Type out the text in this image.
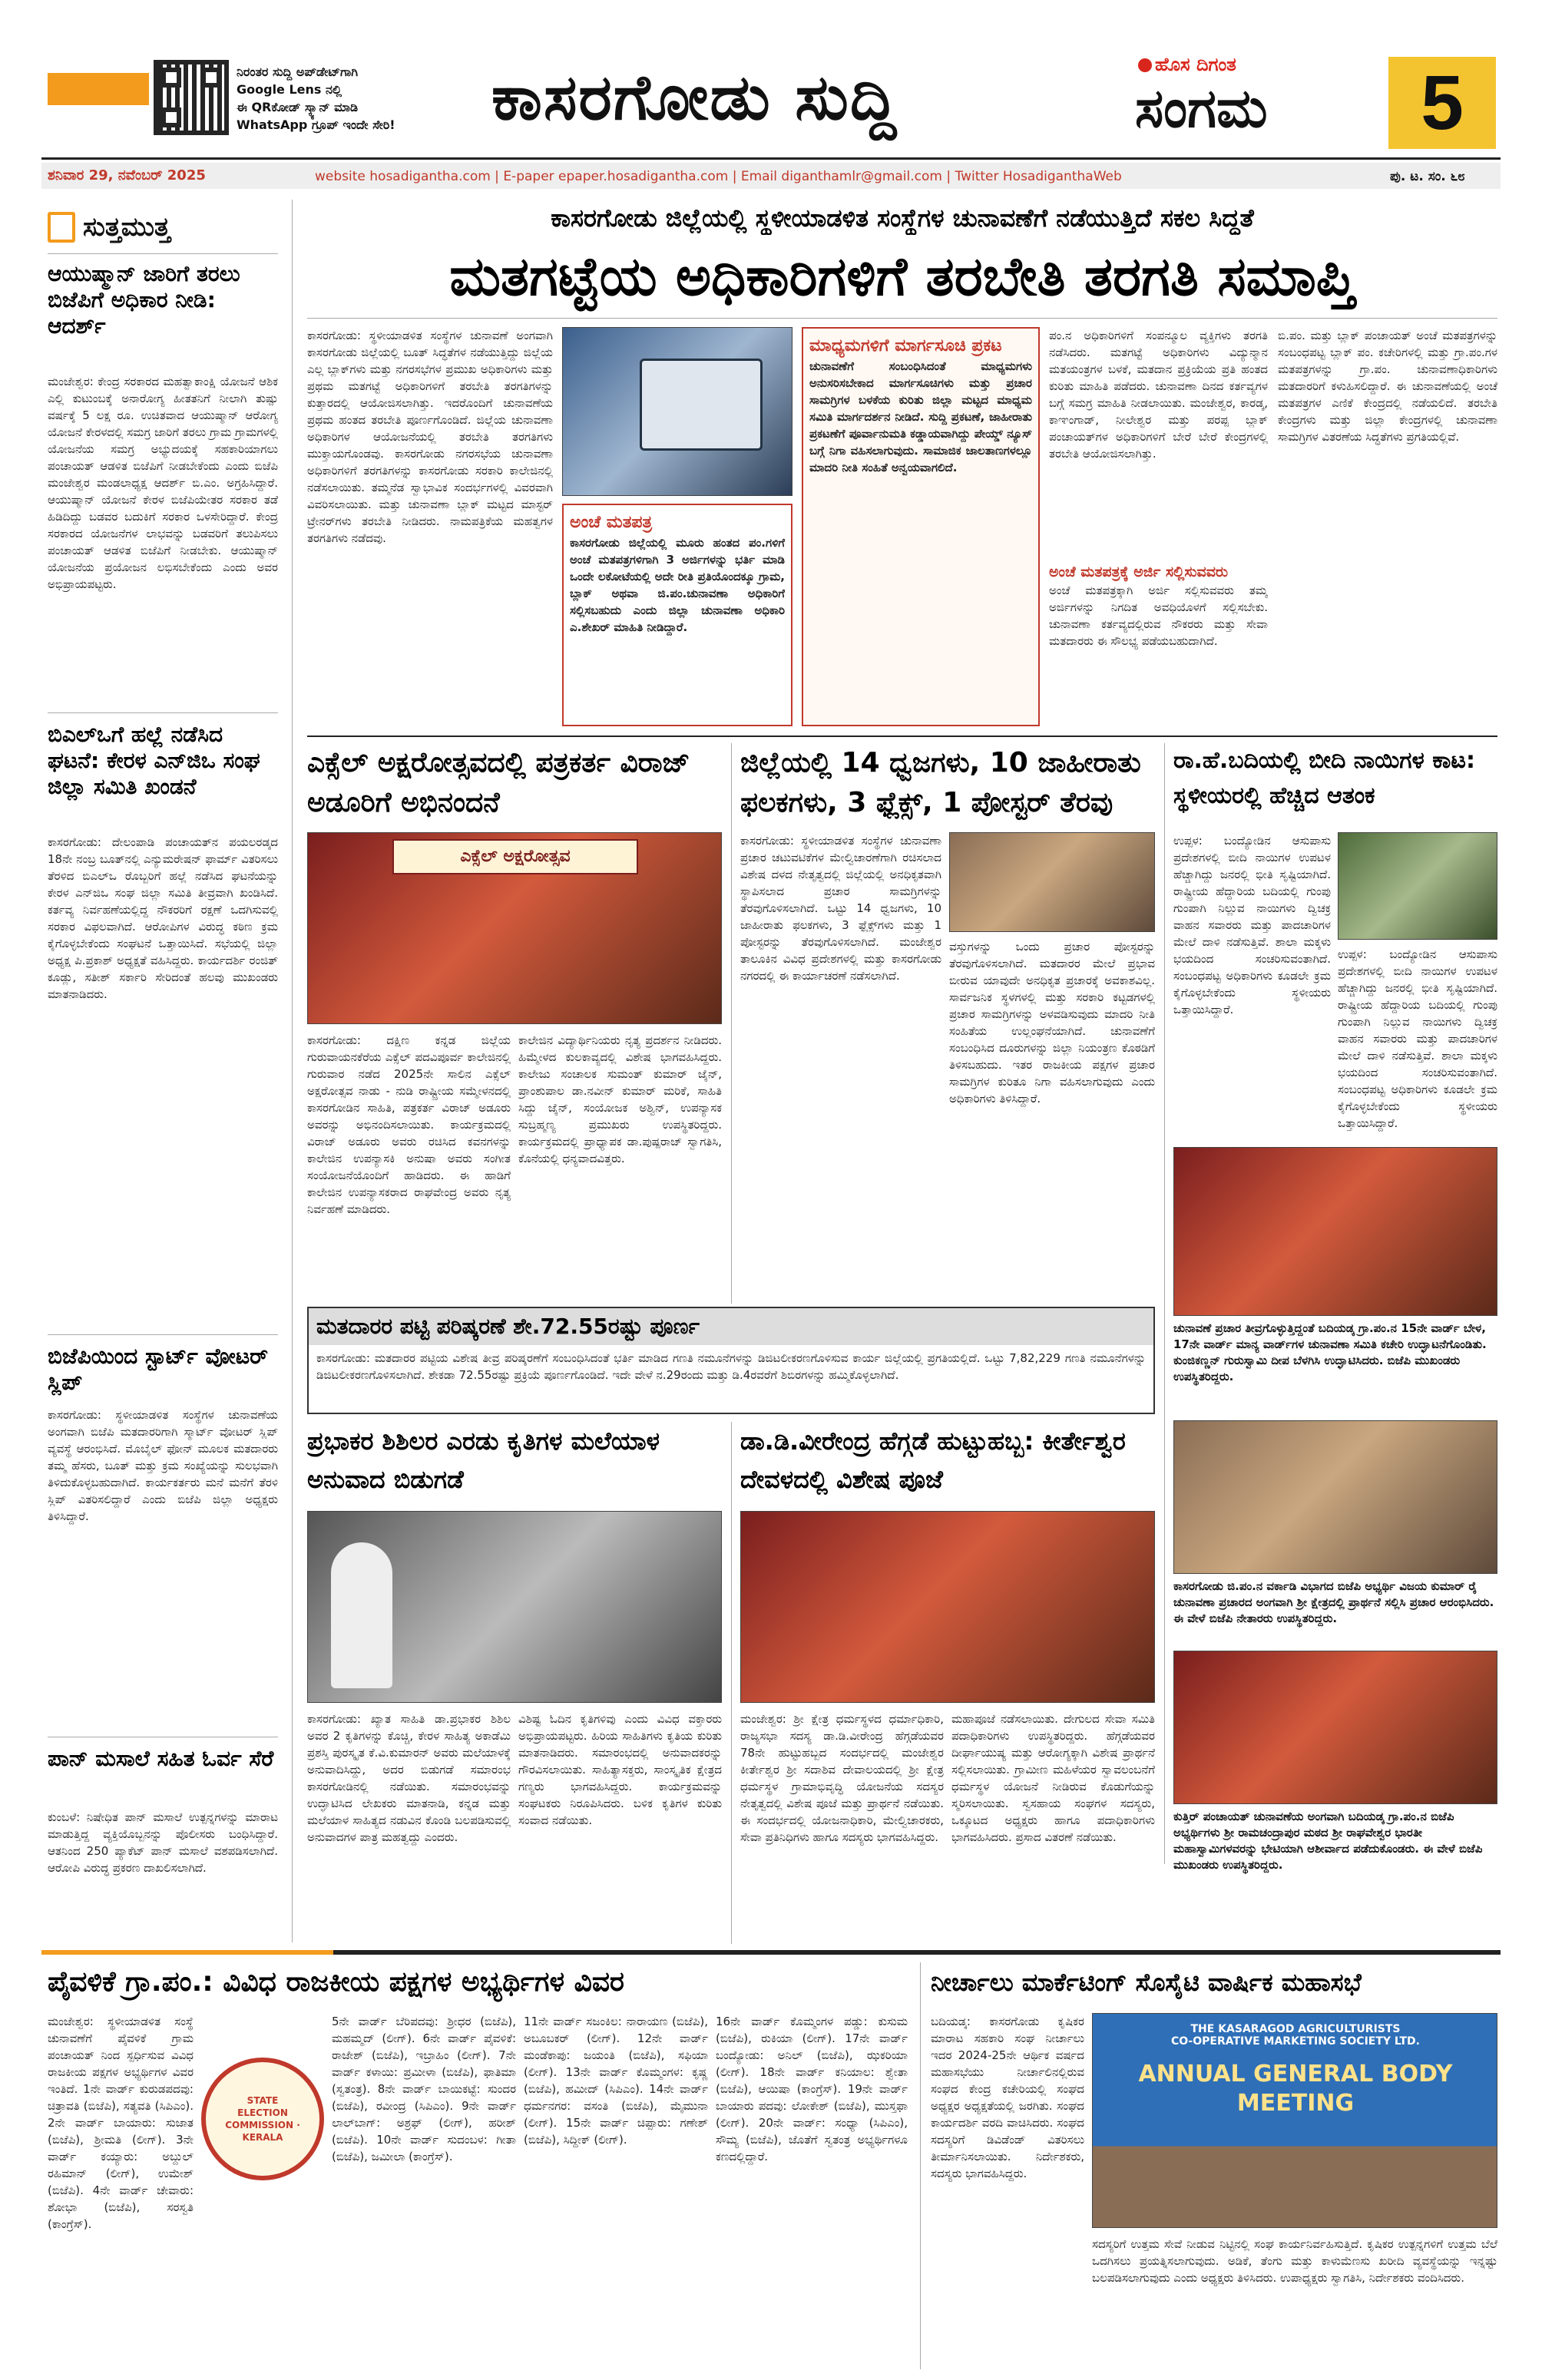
ನಿರಂತರ ಸುದ್ದಿ ಅಪ್‌ಡೇಟ್‌ಗಾಗಿ
Google Lens ನಲ್ಲಿ
ಈ QRಕೋಡ್ ಸ್ಕ್ಯಾನ್ ಮಾಡಿ
WhatsApp ಗ್ರೂಪ್ ಇಂದೇ ಸೇರಿ!	ಕಾಸರಗೋಡು ಸುದ್ದಿ	ಹೊಸ ದಿಗಂತ
ಸಂಗಮ 5
ಶನಿವಾರ 29, ನವೆಂಬರ್ 2025	website hosadigantha.com | E-paper epaper.hosadigantha.com | Email diganthamlr@gmail.com | Twitter HosadiganthaWeb	ಪು. ಟ. ಸಂ. ೬೮
ಸುತ್ತಮುತ್ತ
ಆಯುಷ್ಮಾನ್ ಜಾರಿಗೆ ತರಲು ಬಿಜೆಪಿಗೆ ಅಧಿಕಾರ ನೀಡಿ: ಆದರ್ಶ್
ಮಂಜೇಶ್ವರ: ಕೇಂದ್ರ ಸರಕಾರದ ಮಹತ್ವಾಕಾಂಕ್ಷಿ ಯೋಜನೆ ಆಶಿಕ ಎಲ್ಲಿ ಕುಟುಂಬಕ್ಕೆ ಅನಾರೋಗ್ಯ ಹೀತತನಿಗೆ ನೀಲಾಗಿ ತುಷ್ಪು ವರ್ಷಕ್ಕೆ 5 ಲಕ್ಷ ರೂ. ಉಚಿತವಾದ ಆಯುಷ್ಮಾನ್ ಆರೋಗ್ಯ ಯೋಜನೆ ಕೇರಳದಲ್ಲಿ ಸಮಗ್ರ ಜಾರಿಗೆ ತರಲು ಗ್ರಾಮ ಗ್ರಾಮಗಳಲ್ಲಿ ಯೋಜನೆಯ ಸಮಗ್ರ ಅಭ್ಯುದಯಕ್ಕೆ ಸಹಕಾರಿಯಾಗಲು ಪಂಚಾಯತ್ ಆಡಳಿತ ಬಿಜೆಪಿಗೆ ನೀಡಬೇಕೆಂದು ಎಂದು ಬಿಜೆಪಿ ಮಂಜೇಶ್ವರ ಮಂಡಲಾಧ್ಯಕ್ಷ ಆದರ್ಶ್ ಬಿ.ಎಂ. ಅಗ್ರಹಿಸಿದ್ದಾರೆ. ಆಯುಷ್ಮಾನ್ ಯೋಜನೆ ಕೇರಳ ಬಿಜೆಪಿಯೇತರ ಸರಕಾರ ತಡೆ ಹಿಡಿದಿದ್ದು ಬಡವರ ಬದುಕಿಗೆ ಸರಕಾರ ಒಳಸೇರಿದ್ದಾರೆ. ಕೇಂದ್ರ ಸರಕಾರದ ಯೋಜನೆಗಳ ಲಾಭವನ್ನು ಬಡವರಿಗೆ ತಲುಪಿಸಲು ಪಂಚಾಯತ್ ಆಡಳಿತ ಬಿಜೆಪಿಗೆ ನೀಡಬೇಕು. ಆಯುಷ್ಮಾನ್ ಯೋಜನೆಯ ಪ್ರಯೋಜನ ಲಭಿಸಬೇಕೆಂದು ಎಂದು ಅವರ ಅಭಿಪ್ರಾಯಪಟ್ಟರು.
ಬಿಎಲ್‌ಒಗೆ ಹಲ್ಲೆ ನಡೆಸಿದ ಘಟನೆ: ಕೇರಳ ಎನ್‌ಜಿಒ ಸಂಘ ಜಿಲ್ಲಾ ಸಮಿತಿ ಖಂಡನೆ
ಕಾಸರಗೋಡು: ದೇಲಂಪಾಡಿ ಪಂಚಾಯತ್‌ನ ಪಯಲರಡ್ಕದ 18ನೇ ನಂಬ್ರ ಬೂತ್‌ನಲ್ಲಿ ಎನ್ಯುಮರೇಷನ್ ಫಾರ್ಮ್ ವಿತರಿಸಲು ತೆರಳಿದ ಬಿಎಲ್‌ಒ ರೊಬ್ಬರಿಗೆ ಹಲ್ಲೆ ನಡೆಸಿದ ಘಟನೆಯನ್ನು ಕೇರಳ ಎನ್‌ಜಿಒ ಸಂಘ ಜಿಲ್ಲಾ ಸಮಿತಿ ತೀವ್ರವಾಗಿ ಖಂಡಿಸಿದೆ. ಕರ್ತವ್ಯ ನಿರ್ವಹಣೆಯಲ್ಲಿದ್ದ ನೌಕರರಿಗೆ ರಕ್ಷಣೆ ಒದಗಿಸುವಲ್ಲಿ ಸರಕಾರ ವಿಫಲವಾಗಿದೆ. ಆರೋಪಿಗಳ ವಿರುದ್ಧ ಕಠಿಣ ಕ್ರಮ ಕೈಗೊಳ್ಳಬೇಕೆಂದು ಸಂಘಟನೆ ಒತ್ತಾಯಿಸಿದೆ. ಸಭೆಯಲ್ಲಿ ಜಿಲ್ಲಾ ಅಧ್ಯಕ್ಷ ಪಿ.ಪ್ರಕಾಶ್ ಅಧ್ಯಕ್ಷತೆ ವಹಿಸಿದ್ದರು. ಕಾರ್ಯದರ್ಶಿ ರಂಜಿತ್ ಕೂಡ್ಲು, ಸತೀಶ್ ಸರ್ಕಾರಿ ಸೇರಿದಂತೆ ಹಲವು ಮುಖಂಡರು ಮಾತನಾಡಿದರು.
ಬಿಜೆಪಿಯಿಂದ ಸ್ಟಾರ್ಟ್ ವೋಟರ್‌ ಸ್ಲಿಪ್
ಕಾಸರಗೋಡು: ಸ್ಥಳೀಯಾಡಳಿತ ಸಂಸ್ಥೆಗಳ ಚುನಾವಣೆಯ ಅಂಗವಾಗಿ ಬಿಜೆಪಿ ಮತದಾರರಿಗಾಗಿ ಸ್ಮಾರ್ಟ್ ವೋಟರ್ ಸ್ಲಿಪ್ ವ್ಯವಸ್ಥೆ ಆರಂಭಿಸಿದೆ. ಮೊಬೈಲ್ ಫೋನ್ ಮೂಲಕ ಮತದಾರರು ತಮ್ಮ ಹೆಸರು, ಬೂತ್ ಮತ್ತು ಕ್ರಮ ಸಂಖ್ಯೆಯನ್ನು ಸುಲಭವಾಗಿ ತಿಳಿದುಕೊಳ್ಳಬಹುದಾಗಿದೆ. ಕಾರ್ಯಕರ್ತರು ಮನೆ ಮನೆಗೆ ತೆರಳಿ ಸ್ಲಿಪ್ ವಿತರಿಸಲಿದ್ದಾರೆ ಎಂದು ಬಿಜೆಪಿ ಜಿಲ್ಲಾ ಅಧ್ಯಕ್ಷರು ತಿಳಿಸಿದ್ದಾರೆ.
ಪಾನ್ ಮಸಾಲೆ ಸಹಿತ ಓರ್ವ ಸೆರೆ
ಕುಂಬಳೆ: ನಿಷೇಧಿತ ಪಾನ್ ಮಸಾಲೆ ಉತ್ಪನ್ನಗಳನ್ನು ಮಾರಾಟ ಮಾಡುತ್ತಿದ್ದ ವ್ಯಕ್ತಿಯೊಬ್ಬನನ್ನು ಪೊಲೀಸರು ಬಂಧಿಸಿದ್ದಾರೆ. ಆತನಿಂದ 250 ಪ್ಯಾಕೆಟ್ ಪಾನ್ ಮಸಾಲೆ ವಶಪಡಿಸಲಾಗಿದೆ. ಆರೋಪಿ ವಿರುದ್ಧ ಪ್ರಕರಣ ದಾಖಲಿಸಲಾಗಿದೆ.
ಕಾಸರಗೋಡು ಜಿಲ್ಲೆಯಲ್ಲಿ ಸ್ಥಳೀಯಾಡಳಿತ ಸಂಸ್ಥೆಗಳ ಚುನಾವಣೆಗೆ ನಡೆಯುತ್ತಿದೆ ಸಕಲ ಸಿದ್ಧತೆ
ಮತಗಟ್ಟೆಯ ಅಧಿಕಾರಿಗಳಿಗೆ ತರಬೇತಿ ತರಗತಿ ಸಮಾಪ್ತಿ
ಕಾಸರಗೋಡು: ಸ್ಥಳೀಯಾಡಳಿತ ಸಂಸ್ಥೆಗಳ ಚುನಾವಣೆ ಅಂಗವಾಗಿ ಕಾಸರಗೋಡು ಜಿಲ್ಲೆಯಲ್ಲಿ ಬೂತ್ ಸಿದ್ಧತೆಗಳ ನಡೆಯುತ್ತಿದ್ದು ಜಿಲ್ಲೆಯ ಎಲ್ಲ ಬ್ಲಾಕ್‌ಗಳು ಮತ್ತು ನಗರಸಭೆಗಳ ಪ್ರಮುಖ ಅಧಿಕಾರಿಗಳು ಮತ್ತು ಪ್ರಥಮ ಮತಗಟ್ಟೆ ಅಧಿಕಾರಿಗಳಿಗೆ ತರಬೇತಿ ತರಗತಿಗಳನ್ನು ಕುತ್ತಾರದಲ್ಲಿ ಆಯೋಜಿಸಲಾಗಿತ್ತು. ಇದರೊಂದಿಗೆ ಚುನಾವಣೆಯ ಪ್ರಥಮ ಹಂತದ ತರಬೇತಿ ಪೂರ್ಣಗೊಂಡಿದೆ. ಜಿಲ್ಲೆಯ ಚುನಾವಣಾ ಅಧಿಕಾರಿಗಳ ಆಯೋಜನೆಯಲ್ಲಿ ತರಬೇತಿ ತರಗತಿಗಳು ಮುಕ್ತಾಯಗೊಂಡವು. ಕಾಸರಗೋಡು ನಗರಸಭೆಯ ಚುನಾವಣಾ ಅಧಿಕಾರಿಗಳಿಗೆ ತರಗತಿಗಳನ್ನು ಕಾಸರಗೋಡು ಸರಕಾರಿ ಕಾಲೇಜಿನಲ್ಲಿ ನಡೆಸಲಾಯಿತು. ತಮ್ಮನೆಡ ಸ್ವಾಭಾವಿಕ ಸಂದರ್ಭಗಳಲ್ಲಿ ವಿವರವಾಗಿ ವಿವರಿಸಲಾಯಿತು. ಮತ್ತು ಚುನಾವಣಾ ಬ್ಲಾಕ್ ಮಟ್ಟದ ಮಾಸ್ಟರ್ ಟ್ರೇನರ್‌ಗಳು ತರಬೇತಿ ನೀಡಿದರು. ನಾಮಪತ್ರಿಕೆಯ ಮಹತ್ವಗಳ ತರಗತಿಗಳು ನಡೆದವು.
ಅಂಚೆ ಮತಪತ್ರ
ಕಾಸರಗೋಡು ಜಿಲ್ಲೆಯಲ್ಲಿ ಮೂರು ಹಂತದ ಪಂ.ಗಳಿಗೆ ಅಂಚೆ ಮತಪತ್ರಗಳಿಗಾಗಿ 3 ಅರ್ಜಿಗಳನ್ನು ಭರ್ತಿ ಮಾಡಿ ಒಂದೇ ಲಕೋಟೆಯಲ್ಲಿ ಅದೇ ರೀತಿ ಪ್ರತಿಯೊಂದಕ್ಕೂ ಗ್ರಾಮ, ಬ್ಲಾಕ್ ಅಥವಾ ಜಿ.ಪಂ.ಚುನಾವಣಾ ಅಧಿಕಾರಿಗೆ ಸಲ್ಲಿಸಬಹುದು ಎಂದು ಜಿಲ್ಲಾ ಚುನಾವಣಾ ಅಧಿಕಾರಿ ಎ.ಶೇಖರ್ ಮಾಹಿತಿ ನೀಡಿದ್ದಾರೆ.
ಮಾಧ್ಯಮಗಳಿಗೆ ಮಾರ್ಗಸೂಚಿ ಪ್ರಕಟ
ಚುನಾವಣೆಗೆ ಸಂಬಂಧಿಸಿದಂತೆ ಮಾಧ್ಯಮಗಳು ಅನುಸರಿಸಬೇಕಾದ ಮಾರ್ಗಸೂಚಿಗಳು ಮತ್ತು ಪ್ರಚಾರ ಸಾಮಗ್ರಿಗಳ ಬಳಕೆಯ ಕುರಿತು ಜಿಲ್ಲಾ ಮಟ್ಟದ ಮಾಧ್ಯಮ ಸಮಿತಿ ಮಾರ್ಗದರ್ಶನ ನೀಡಿದೆ. ಸುದ್ದಿ ಪ್ರಕಟಣೆ, ಜಾಹೀರಾತು ಪ್ರಕಟಣೆಗೆ ಪೂರ್ವಾನುಮತಿ ಕಡ್ಡಾಯವಾಗಿದ್ದು ಪೇಯ್ಡ್ ನ್ಯೂಸ್ ಬಗ್ಗೆ ನಿಗಾ ವಹಿಸಲಾಗುವುದು. ಸಾಮಾಜಿಕ ಜಾಲತಾಣಗಳಲ್ಲೂ ಮಾದರಿ ನೀತಿ ಸಂಹಿತೆ ಅನ್ವಯವಾಗಲಿದೆ.
ಪಂ.ನ ಅಧಿಕಾರಿಗಳಿಗೆ ಸಂಪನ್ಮೂಲ ವ್ಯಕ್ತಿಗಳು ತರಗತಿ ನಡೆಸಿದರು. ಮತಗಟ್ಟೆ ಅಧಿಕಾರಿಗಳು ವಿದ್ಯುನ್ಮಾನ ಮತಯಂತ್ರಗಳ ಬಳಕೆ, ಮತದಾನ ಪ್ರಕ್ರಿಯೆಯ ಪ್ರತಿ ಹಂತದ ಕುರಿತು ಮಾಹಿತಿ ಪಡೆದರು. ಚುನಾವಣಾ ದಿನದ ಕರ್ತವ್ಯಗಳ ಬಗ್ಗೆ ಸಮಗ್ರ ಮಾಹಿತಿ ನೀಡಲಾಯಿತು. ಮಂಜೇಶ್ವರ, ಕಾರಡ್ಕ, ಕಾಞಂಗಾಡ್, ನೀಲೇಶ್ವರ ಮತ್ತು ಪರಪ್ಪ ಬ್ಲಾಕ್ ಪಂಚಾಯತ್‌ಗಳ ಅಧಿಕಾರಿಗಳಿಗೆ ಬೇರೆ ಬೇರೆ ಕೇಂದ್ರಗಳಲ್ಲಿ ತರಬೇತಿ ಆಯೋಜಿಸಲಾಗಿತ್ತು.
ಅಂಚೆ ಮತಪತ್ರಕ್ಕೆ ಅರ್ಜಿ ಸಲ್ಲಿಸುವವರು
ಅಂಚೆ ಮತಪತ್ರಕ್ಕಾಗಿ ಅರ್ಜಿ ಸಲ್ಲಿಸುವವರು ತಮ್ಮ ಅರ್ಜಿಗಳನ್ನು ನಿಗದಿತ ಅವಧಿಯೊಳಗೆ ಸಲ್ಲಿಸಬೇಕು. ಚುನಾವಣಾ ಕರ್ತವ್ಯದಲ್ಲಿರುವ ನೌಕರರು ಮತ್ತು ಸೇವಾ ಮತದಾರರು ಈ ಸೌಲಭ್ಯ ಪಡೆಯಬಹುದಾಗಿದೆ.
ಬಿ.ಪಂ. ಮತ್ತು ಬ್ಲಾಕ್ ಪಂಚಾಯತ್ ಅಂಚೆ ಮತಪತ್ರಗಳನ್ನು ಸಂಬಂಧಪಟ್ಟ ಬ್ಲಾಕ್ ಪಂ. ಕಚೇರಿಗಳಲ್ಲಿ ಮತ್ತು ಗ್ರಾ.ಪಂ.ಗಳ ಮತಪತ್ರಗಳನ್ನು ಗ್ರಾ.ಪಂ. ಚುನಾವಣಾಧಿಕಾರಿಗಳು ಮತದಾರರಿಗೆ ಕಳುಹಿಸಲಿದ್ದಾರೆ. ಈ ಚುನಾವಣೆಯಲ್ಲಿ ಅಂಚೆ ಮತಪತ್ರಗಳ ಎಣಿಕೆ ಕೇಂದ್ರದಲ್ಲಿ ನಡೆಯಲಿದೆ. ತರಬೇತಿ ಕೇಂದ್ರಗಳು ಮತ್ತು ಜಿಲ್ಲಾ ಕೇಂದ್ರಗಳಲ್ಲಿ ಚುನಾವಣಾ ಸಾಮಗ್ರಿಗಳ ವಿತರಣೆಯ ಸಿದ್ಧತೆಗಳು ಪ್ರಗತಿಯಲ್ಲಿವೆ.
ಎಕ್ಸೆಲ್ ಅಕ್ಷರೋತ್ಸವದಲ್ಲಿ ಪತ್ರಕರ್ತ ವಿರಾಜ್ ಅಡೂರಿಗೆ ಅಭಿನಂದನೆ
ಎಕ್ಸೆಲ್ ಅಕ್ಷರೋತ್ಸವ
ಕಾಸರಗೋಡು: ದಕ್ಷಿಣ ಕನ್ನಡ ಜಿಲ್ಲೆಯ ಗುರುವಾಯನಕೆರೆಯ ಎಕ್ಸೆಲ್ ಪದವಿಪೂರ್ವ ಕಾಲೇಜಿನಲ್ಲಿ ಗುರುವಾರ ನಡೆದ 2025ನೇ ಸಾಲಿನ ಎಕ್ಸೆಲ್ ಅಕ್ಷರೋತ್ಸವ ನಾಡು - ನುಡಿ ರಾಷ್ಟ್ರೀಯ ಸಮ್ಮೇಳನದಲ್ಲಿ ಕಾಸರಗೋಡಿನ ಸಾಹಿತಿ, ಪತ್ರಕರ್ತ ವಿರಾಜ್ ಅಡೂರು ಅವರನ್ನು ಅಭಿನಂದಿಸಲಾಯಿತು. ಕಾರ್ಯಕ್ರಮದಲ್ಲಿ ವಿರಾಜ್ ಅಡೂರು ಅವರು ರಚಿಸಿದ ಕವನಗಳನ್ನು ಕಾಲೇಜಿನ ಉಪನ್ಯಾಸಕಿ ಅನುಷಾ ಅವರು ಸಂಗೀತ ಸಂಯೋಜನೆಯೊಂದಿಗೆ ಹಾಡಿದರು. ಈ ಹಾಡಿಗೆ ಕಾಲೇಜಿನ ಉಪನ್ಯಾಸಕರಾದ ರಾಘವೇಂದ್ರ ಅವರು ನೃತ್ಯ ನಿರ್ವಹಣೆ ಮಾಡಿದರು.
ಕಾಲೇಜಿನ ವಿದ್ಯಾರ್ಥಿನಿಯರು ನೃತ್ಯ ಪ್ರದರ್ಶನ ನೀಡಿದರು. ಹಿಮ್ಮೇಳದ ಕುಲಕಾವ್ಯದಲ್ಲಿ ವಿಶೇಷ ಭಾಗವಹಿಸಿದ್ದರು. ಕಾಲೇಜು ಸಂಚಾಲಕ ಸುಮಂತ್ ಕುಮಾರ್ ಜೈನ್, ಪ್ರಾಂಶುಪಾಲ ಡಾ.ನವೀನ್ ಕುಮಾರ್ ಮರಿಕೆ, ಸಾಹಿತಿ ಸಿದ್ದು ಜೈನ್, ಸಂಯೋಜಕ ಅಶ್ವಿನ್, ಉಪನ್ಯಾಸಕ ಸುಬ್ರಹ್ಮಣ್ಯ ಪ್ರಮುಖರು ಉಪಸ್ಥಿತರಿದ್ದರು. ಕಾರ್ಯಕ್ರಮದಲ್ಲಿ ಪ್ರಾಧ್ಯಾಪಕ ಡಾ.ಪುಷ್ಪರಾಜ್ ಸ್ವಾಗತಿಸಿ, ಕೊನೆಯಲ್ಲಿ ಧನ್ಯವಾದವಿತ್ತರು.
ಜಿಲ್ಲೆಯಲ್ಲಿ 14 ಧ್ವಜಗಳು, 10 ಜಾಹೀರಾತು ಫಲಕಗಳು, 3 ಫ್ಲೆಕ್ಸ್, 1 ಪೋಸ್ಟರ್ ತೆರವು
ಕಾಸರಗೋಡು: ಸ್ಥಳೀಯಾಡಳಿತ ಸಂಸ್ಥೆಗಳ ಚುನಾವಣಾ ಪ್ರಚಾರ ಚಟುವಟಿಕೆಗಳ ಮೇಲ್ವಿಚಾರಣೆಗಾಗಿ ರಚಿಸಲಾದ ವಿಶೇಷ ದಳದ ನೇತೃತ್ವದಲ್ಲಿ ಜಿಲ್ಲೆಯಲ್ಲಿ ಅನಧಿಕೃತವಾಗಿ ಸ್ಥಾಪಿಸಲಾದ ಪ್ರಚಾರ ಸಾಮಗ್ರಿಗಳನ್ನು ತೆರವುಗೊಳಿಸಲಾಗಿದೆ. ಒಟ್ಟು 14 ಧ್ವಜಗಳು, 10 ಜಾಹೀರಾತು ಫಲಕಗಳು, 3 ಫ್ಲೆಕ್ಸ್‌ಗಳು ಮತ್ತು 1 ಪೋಸ್ಟರನ್ನು ತೆರವುಗೊಳಿಸಲಾಗಿದೆ. ಮಂಜೇಶ್ವರ ತಾಲೂಕಿನ ವಿವಿಧ ಪ್ರದೇಶಗಳಲ್ಲಿ ಮತ್ತು ಕಾಸರಗೋಡು ನಗರದಲ್ಲಿ ಈ ಕಾರ್ಯಾಚರಣೆ ನಡೆಸಲಾಗಿದೆ.
ವಸ್ತುಗಳನ್ನು ಒಂದು ಪ್ರಚಾರ ಪೋಸ್ಟರನ್ನು ತೆರವುಗೊಳಿಸಲಾಗಿದೆ. ಮತದಾರರ ಮೇಲೆ ಪ್ರಭಾವ ಬೀರುವ ಯಾವುದೇ ಅನಧಿಕೃತ ಪ್ರಚಾರಕ್ಕೆ ಅವಕಾಶವಿಲ್ಲ. ಸಾರ್ವಜನಿಕ ಸ್ಥಳಗಳಲ್ಲಿ ಮತ್ತು ಸರಕಾರಿ ಕಟ್ಟಡಗಳಲ್ಲಿ ಪ್ರಚಾರ ಸಾಮಗ್ರಿಗಳನ್ನು ಅಳವಡಿಸುವುದು ಮಾದರಿ ನೀತಿ ಸಂಹಿತೆಯ ಉಲ್ಲಂಘನೆಯಾಗಿದೆ. ಚುನಾವಣೆಗೆ ಸಂಬಂಧಿಸಿದ ದೂರುಗಳನ್ನು ಜಿಲ್ಲಾ ನಿಯಂತ್ರಣ ಕೊಠಡಿಗೆ ತಿಳಿಸಬಹುದು. ಇತರ ರಾಜಕೀಯ ಪಕ್ಷಗಳ ಪ್ರಚಾರ ಸಾಮಗ್ರಿಗಳ ಕುರಿತೂ ನಿಗಾ ವಹಿಸಲಾಗುವುದು ಎಂದು ಅಧಿಕಾರಿಗಳು ತಿಳಿಸಿದ್ದಾರೆ.
ರಾ.ಹೆ.ಬದಿಯಲ್ಲಿ ಬೀದಿ ನಾಯಿಗಳ ಕಾಟ: ಸ್ಥಳೀಯರಲ್ಲಿ ಹೆಚ್ಚಿದ ಆತಂಕ
ಉಪ್ಪಳ: ಬಂದ್ಯೋಡಿನ ಆಸುಪಾಸು ಪ್ರದೇಶಗಳಲ್ಲಿ ಬೀದಿ ನಾಯಿಗಳ ಉಪಟಳ ಹೆಚ್ಚಾಗಿದ್ದು ಜನರಲ್ಲಿ ಭೀತಿ ಸೃಷ್ಟಿಯಾಗಿದೆ. ರಾಷ್ಟ್ರೀಯ ಹೆದ್ದಾರಿಯ ಬದಿಯಲ್ಲಿ ಗುಂಪು ಗುಂಪಾಗಿ ನಿಲ್ಲುವ ನಾಯಿಗಳು ದ್ವಿಚಕ್ರ ವಾಹನ ಸವಾರರು ಮತ್ತು ಪಾದಚಾರಿಗಳ ಮೇಲೆ ದಾಳಿ ನಡೆಸುತ್ತಿವೆ. ಶಾಲಾ ಮಕ್ಕಳು ಭಯದಿಂದ ಸಂಚರಿಸುವಂತಾಗಿದೆ. ಸಂಬಂಧಪಟ್ಟ ಅಧಿಕಾರಿಗಳು ಕೂಡಲೇ ಕ್ರಮ ಕೈಗೊಳ್ಳಬೇಕೆಂದು ಸ್ಥಳೀಯರು ಒತ್ತಾಯಿಸಿದ್ದಾರೆ.
ಉಪ್ಪಳ: ಬಂದ್ಯೋಡಿನ ಆಸುಪಾಸು ಪ್ರದೇಶಗಳಲ್ಲಿ ಬೀದಿ ನಾಯಿಗಳ ಉಪಟಳ ಹೆಚ್ಚಾಗಿದ್ದು ಜನರಲ್ಲಿ ಭೀತಿ ಸೃಷ್ಟಿಯಾಗಿದೆ. ರಾಷ್ಟ್ರೀಯ ಹೆದ್ದಾರಿಯ ಬದಿಯಲ್ಲಿ ಗುಂಪು ಗುಂಪಾಗಿ ನಿಲ್ಲುವ ನಾಯಿಗಳು ದ್ವಿಚಕ್ರ ವಾಹನ ಸವಾರರು ಮತ್ತು ಪಾದಚಾರಿಗಳ ಮೇಲೆ ದಾಳಿ ನಡೆಸುತ್ತಿವೆ. ಶಾಲಾ ಮಕ್ಕಳು ಭಯದಿಂದ ಸಂಚರಿಸುವಂತಾಗಿದೆ. ಸಂಬಂಧಪಟ್ಟ ಅಧಿಕಾರಿಗಳು ಕೂಡಲೇ ಕ್ರಮ ಕೈಗೊಳ್ಳಬೇಕೆಂದು ಸ್ಥಳೀಯರು ಒತ್ತಾಯಿಸಿದ್ದಾರೆ.
ಮತದಾರರ ಪಟ್ಟಿ ಪರಿಷ್ಕರಣೆ ಶೇ.72.55ರಷ್ಟು ಪೂರ್ಣ
ಕಾಸರಗೋಡು: ಮತದಾರರ ಪಟ್ಟಿಯ ವಿಶೇಷ ತೀವ್ರ ಪರಿಷ್ಕರಣೆಗೆ ಸಂಬಂಧಿಸಿದಂತೆ ಭರ್ತಿ ಮಾಡಿದ ಗಣತಿ ನಮೂನೆಗಳನ್ನು ಡಿಜಿಟಲೀಕರಣಗೊಳಿಸುವ ಕಾರ್ಯ ಜಿಲ್ಲೆಯಲ್ಲಿ ಪ್ರಗತಿಯಲ್ಲಿದೆ. ಒಟ್ಟು 7,82,229 ಗಣತಿ ನಮೂನೆಗಳನ್ನು ಡಿಜಿಟಲೀಕರಣಗೊಳಿಸಲಾಗಿದೆ. ಶೇಕಡಾ 72.55ರಷ್ಟು ಪ್ರಕ್ರಿಯೆ ಪೂರ್ಣಗೊಂಡಿದೆ. ಇದೇ ವೇಳೆ ನ.29ರಂದು ಮತ್ತು ಡಿ.4ರವರೆಗೆ ಶಿಬಿರಗಳನ್ನು ಹಮ್ಮಿಕೊಳ್ಳಲಾಗಿದೆ.
ಡಾ.ಡಿ.ವೀರೇಂದ್ರ ಹೆಗ್ಗಡೆ ಹುಟ್ಟುಹಬ್ಬ: ಕೀರ್ತೇಶ್ವರ ದೇವಳದಲ್ಲಿ ವಿಶೇಷ ಪೂಜೆ
ಮಂಜೇಶ್ವರ: ಶ್ರೀ ಕ್ಷೇತ್ರ ಧರ್ಮಸ್ಥಳದ ಧರ್ಮಾಧಿಕಾರಿ, ರಾಜ್ಯಸಭಾ ಸದಸ್ಯ ಡಾ.ಡಿ.ವೀರೇಂದ್ರ ಹೆಗ್ಗಡೆಯವರ 78ನೇ ಹುಟ್ಟುಹಬ್ಬದ ಸಂದರ್ಭದಲ್ಲಿ ಮಂಜೇಶ್ವರ ಕೀರ್ತೇಶ್ವರ ಶ್ರೀ ಸದಾಶಿವ ದೇವಾಲಯದಲ್ಲಿ ಶ್ರೀ ಕ್ಷೇತ್ರ ಧರ್ಮಸ್ಥಳ ಗ್ರಾಮಾಭಿವೃದ್ಧಿ ಯೋಜನೆಯ ಸದಸ್ಯರ ನೇತೃತ್ವದಲ್ಲಿ ವಿಶೇಷ ಪೂಜೆ ಮತ್ತು ಪ್ರಾರ್ಥನೆ ನಡೆಯಿತು. ಈ ಸಂದರ್ಭದಲ್ಲಿ ಯೋಜನಾಧಿಕಾರಿ, ಮೇಲ್ವಿಚಾರಕರು, ಸೇವಾ ಪ್ರತಿನಿಧಿಗಳು ಹಾಗೂ ಸದಸ್ಯರು ಭಾಗವಹಿಸಿದ್ದರು.
ಮಹಾಪೂಜೆ ನಡೆಸಲಾಯಿತು. ದೇಗುಲದ ಸೇವಾ ಸಮಿತಿ ಪದಾಧಿಕಾರಿಗಳು ಉಪಸ್ಥಿತರಿದ್ದರು. ಹೆಗ್ಗಡೆಯವರ ದೀರ್ಘಾಯುಷ್ಯ ಮತ್ತು ಆರೋಗ್ಯಕ್ಕಾಗಿ ವಿಶೇಷ ಪ್ರಾರ್ಥನೆ ಸಲ್ಲಿಸಲಾಯಿತು. ಗ್ರಾಮೀಣ ಮಹಿಳೆಯರ ಸ್ವಾವಲಂಬನೆಗೆ ಧರ್ಮಸ್ಥಳ ಯೋಜನೆ ನೀಡಿರುವ ಕೊಡುಗೆಯನ್ನು ಸ್ಮರಿಸಲಾಯಿತು. ಸ್ವಸಹಾಯ ಸಂಘಗಳ ಸದಸ್ಯರು, ಒಕ್ಕೂಟದ ಅಧ್ಯಕ್ಷರು ಹಾಗೂ ಪದಾಧಿಕಾರಿಗಳು ಭಾಗವಹಿಸಿದರು. ಪ್ರಸಾದ ವಿತರಣೆ ನಡೆಯಿತು.
ಪ್ರಭಾಕರ ಶಿಶಿಲರ ಎರಡು ಕೃತಿಗಳ ಮಲೆಯಾಳ ಅನುವಾದ ಬಿಡುಗಡೆ
ಕಾಸರಗೋಡು: ಖ್ಯಾತ ಸಾಹಿತಿ ಡಾ.ಪ್ರಭಾಕರ ಶಿಶಿಲ ಅವರ 2 ಕೃತಿಗಳನ್ನು ಕೊಚ್ಚಿ, ಕೇರಳ ಸಾಹಿತ್ಯ ಅಕಾಡೆಮಿ ಪ್ರಶಸ್ತಿ ಪುರಸ್ಕೃತ ಕೆ.ವಿ.ಕುಮಾರನ್ ಅವರು ಮಲೆಯಾಳಕ್ಕೆ ಅನುವಾದಿಸಿದ್ದು, ಅದರ ಬಿಡುಗಡೆ ಸಮಾರಂಭ ಕಾಸರಗೋಡಿನಲ್ಲಿ ನಡೆಯಿತು. ಸಮಾರಂಭವನ್ನು ಉದ್ಘಾಟಿಸಿದ ಲೇಖಕರು ಮಾತನಾಡಿ, ಕನ್ನಡ ಮತ್ತು ಮಲೆಯಾಳ ಸಾಹಿತ್ಯದ ನಡುವಿನ ಕೊಂಡಿ ಬಲಪಡಿಸುವಲ್ಲಿ ಅನುವಾದಗಳ ಪಾತ್ರ ಮಹತ್ವದ್ದು ಎಂದರು.
ವಿಶಿಷ್ಟ ಓದಿನ ಕೃತಿಗಳಿವು ಎಂದು ವಿವಿಧ ವಕ್ತಾರರು ಅಭಿಪ್ರಾಯಪಟ್ಟರು. ಹಿರಿಯ ಸಾಹಿತಿಗಳು ಕೃತಿಯ ಕುರಿತು ಮಾತನಾಡಿದರು. ಸಮಾರಂಭದಲ್ಲಿ ಅನುವಾದಕರನ್ನು ಗೌರವಿಸಲಾಯಿತು. ಸಾಹಿತ್ಯಾಸಕ್ತರು, ಸಾಂಸ್ಕೃತಿಕ ಕ್ಷೇತ್ರದ ಗಣ್ಯರು ಭಾಗವಹಿಸಿದ್ದರು. ಕಾರ್ಯಕ್ರಮವನ್ನು ಸಂಘಟಕರು ನಿರೂಪಿಸಿದರು. ಬಳಿಕ ಕೃತಿಗಳ ಕುರಿತು ಸಂವಾದ ನಡೆಯಿತು.
ಚುನಾವಣೆ ಪ್ರಚಾರ ತೀವ್ರಗೊಳ್ಳುತ್ತಿದ್ದಂತೆ ಬದಿಯಡ್ಕ ಗ್ರಾ.ಪಂ.ನ 15ನೇ ವಾರ್ಡ್ ಬೇಳ, 17ನೇ ವಾರ್ಡ್ ಮಾನ್ಯ ವಾರ್ಡ್‌ಗಳ ಚುನಾವಣಾ ಸಮಿತಿ ಕಚೇರಿ ಉದ್ಘಾಟನೆಗೊಂಡಿತು. ಕುಂಜಿಕಣ್ಣನ್ ಗುರುಸ್ವಾಮಿ ದೀಪ ಬೆಳಗಿಸಿ ಉದ್ಘಾಟಿಸಿದರು. ಬಿಜೆಪಿ ಮುಖಂಡರು ಉಪಸ್ಥಿತರಿದ್ದರು.
ಕಾಸರಗೋಡು ಜಿ.ಪಂ.ನ ವರ್ಕಾಡಿ ವಿಭಾಗದ ಬಿಜೆಪಿ ಅಭ್ಯರ್ಥಿ ವಿಜಯ ಕುಮಾರ್ ರೈ ಚುನಾವಣಾ ಪ್ರಚಾರದ ಅಂಗವಾಗಿ ಶ್ರೀ ಕ್ಷೇತ್ರದಲ್ಲಿ ಪ್ರಾರ್ಥನೆ ಸಲ್ಲಿಸಿ ಪ್ರಚಾರ ಆರಂಭಿಸಿದರು. ಈ ವೇಳೆ ಬಿಜೆಪಿ ನೇತಾರರು ಉಪಸ್ಥಿತರಿದ್ದರು.
ಕುತ್ತಿರ್ ಪಂಚಾಯತ್ ಚುನಾವಣೆಯ ಅಂಗವಾಗಿ ಬದಿಯಡ್ಕ ಗ್ರಾ.ಪಂ.ನ ಬಿಜೆಪಿ ಅಭ್ಯರ್ಥಿಗಳು ಶ್ರೀ ರಾಮಚಂದ್ರಾಪುರ ಮಠದ ಶ್ರೀ ರಾಘವೇಶ್ವರ ಭಾರತೀ ಮಹಾಸ್ವಾಮಿಗಳವರನ್ನು ಭೇಟಿಯಾಗಿ ಆಶೀರ್ವಾದ ಪಡೆದುಕೊಂಡರು. ಈ ವೇಳೆ ಬಿಜೆಪಿ ಮುಖಂಡರು ಉಪಸ್ಥಿತರಿದ್ದರು.
ಪೈವಳಿಕೆ ಗ್ರಾ.ಪಂ.: ವಿವಿಧ ರಾಜಕೀಯ ಪಕ್ಷಗಳ ಅಭ್ಯರ್ಥಿಗಳ ವಿವರ
ಮಂಜೇಶ್ವರ: ಸ್ಥಳೀಯಾಡಳಿತ ಸಂಸ್ಥೆ ಚುನಾವಣೆಗೆ ಪೈವಳಿಕೆ ಗ್ರಾಮ ಪಂಚಾಯತ್ ನಿಂದ ಸ್ಪರ್ಧಿಸುವ ವಿವಿಧ ರಾಜಕೀಯ ಪಕ್ಷಗಳ ಅಭ್ಯರ್ಥಿಗಳ ವಿವರ ಇಂತಿದೆ. 1ನೇ ವಾರ್ಡ್ ಕುರುಡಪದವು: ಚಿತ್ರಾವತಿ (ಬಿಜೆಪಿ), ಸತ್ಯವತಿ (ಸಿಪಿಎಂ). 2ನೇ ವಾರ್ಡ್ ಬಾಯಾರು: ಸುಜಾತ (ಬಿಜೆಪಿ), ಶ್ರೀಮತಿ (ಲೀಗ್). 3ನೇ ವಾರ್ಡ್ ಕಯ್ಯಾರು: ಅಬ್ದುಲ್ ರಹಿಮಾನ್ (ಲೀಗ್), ಉಮೇಶ್ (ಬಿಜೆಪಿ). 4ನೇ ವಾರ್ಡ್ ಚೇವಾರು: ಶೋಭಾ (ಬಿಜೆಪಿ), ಸರಸ್ವತಿ (ಕಾಂಗ್ರೆಸ್).
STATE ELECTION COMMISSION · KERALA
5ನೇ ವಾರ್ಡ್ ಬೆರಿಪದವು: ಶ್ರೀಧರ (ಬಿಜೆಪಿ), ಮಹಮ್ಮದ್ (ಲೀಗ್). 6ನೇ ವಾರ್ಡ್ ಪೈವಳಿಕೆ: ರಾಜೇಶ್ (ಬಿಜೆಪಿ), ಇಬ್ರಾಹಿಂ (ಲೀಗ್). 7ನೇ ವಾರ್ಡ್ ಕಳಾಯಿ: ಪ್ರಮೀಳಾ (ಬಿಜೆಪಿ), ಫಾತಿಮಾ (ಸ್ವತಂತ್ರ). 8ನೇ ವಾರ್ಡ್ ಬಾಯಿಕಟ್ಟೆ: ಸುಂದರ (ಬಿಜೆಪಿ), ರವೀಂದ್ರ (ಸಿಪಿಎಂ). 9ನೇ ವಾರ್ಡ್ ಲಾಲ್‌ಬಾಗ್: ಅಶ್ರಫ್ (ಲೀಗ್), ಹರೀಶ್ (ಬಿಜೆಪಿ). 10ನೇ ವಾರ್ಡ್ ಸುದಂಬಳ: ಗೀತಾ (ಬಿಜೆಪಿ), ಜಮೀಲಾ (ಕಾಂಗ್ರೆಸ್).
11ನೇ ವಾರ್ಡ್ ಸಜಂಕಿಲ: ನಾರಾಯಣ (ಬಿಜೆಪಿ), ಅಬೂಬಕರ್ (ಲೀಗ್). 12ನೇ ವಾರ್ಡ್ ಮಂಡೆಕಾಪು: ಜಯಂತಿ (ಬಿಜೆಪಿ), ಸಫಿಯಾ (ಲೀಗ್). 13ನೇ ವಾರ್ಡ್ ಕೊಮ್ಮಂಗಳ: ಕೃಷ್ಣ (ಬಿಜೆಪಿ), ಹಮೀದ್ (ಸಿಪಿಎಂ). 14ನೇ ವಾರ್ಡ್ ಧರ್ಮನಗರ: ವಸಂತಿ (ಬಿಜೆಪಿ), ಮೈಮುನಾ (ಲೀಗ್). 15ನೇ ವಾರ್ಡ್ ಚಿಪ್ಪಾರು: ಗಣೇಶ್ (ಬಿಜೆಪಿ), ಸಿದ್ದೀಕ್ (ಲೀಗ್).
16ನೇ ವಾರ್ಡ್ ಕೊಮ್ಮಂಗಳ ಪಡ್ಡು: ಕುಸುಮ (ಬಿಜೆಪಿ), ರುಕಿಯಾ (ಲೀಗ್). 17ನೇ ವಾರ್ಡ್ ಬಂದ್ಯೋಡು: ಅನಿಲ್ (ಬಿಜೆಪಿ), ಝಕರಿಯಾ (ಲೀಗ್). 18ನೇ ವಾರ್ಡ್ ಕನಿಯಾಲ: ಶ್ವೇತಾ (ಬಿಜೆಪಿ), ಆಯಿಷಾ (ಕಾಂಗ್ರೆಸ್). 19ನೇ ವಾರ್ಡ್ ಬಾಯಾರು ಪದವು: ಲೋಕೇಶ್ (ಬಿಜೆಪಿ), ಮುಸ್ತಫಾ (ಲೀಗ್). 20ನೇ ವಾರ್ಡ್: ಸಂಧ್ಯಾ (ಸಿಪಿಎಂ), ಸೌಮ್ಯ (ಬಿಜೆಪಿ), ಜೊತೆಗೆ ಸ್ವತಂತ್ರ ಅಭ್ಯರ್ಥಿಗಳೂ ಕಣದಲ್ಲಿದ್ದಾರೆ.
ನೀರ್ಚಾಲು ಮಾರ್ಕೆಟಿಂಗ್ ಸೊಸೈಟಿ ವಾರ್ಷಿಕ ಮಹಾಸಭೆ
ಬದಿಯಡ್ಕ: ಕಾಸರಗೋಡು ಕೃಷಿಕರ ಮಾರಾಟ ಸಹಕಾರಿ ಸಂಘ ನೀರ್ಚಾಲು ಇದರ 2024-25ನೇ ಆರ್ಥಿಕ ವರ್ಷದ ಮಹಾಸಭೆಯು ನೀರ್ಚಾಲಿನಲ್ಲಿರುವ ಸಂಘದ ಕೇಂದ್ರ ಕಚೇರಿಯಲ್ಲಿ ಸಂಘದ ಅಧ್ಯಕ್ಷರ ಅಧ್ಯಕ್ಷತೆಯಲ್ಲಿ ಜರಗಿತು. ಸಂಘದ ಕಾರ್ಯದರ್ಶಿ ವರದಿ ವಾಚಿಸಿದರು. ಸಂಘದ ಸದಸ್ಯರಿಗೆ ಡಿವಿಡೆಂಡ್ ವಿತರಿಸಲು ತೀರ್ಮಾನಿಸಲಾಯಿತು. ನಿರ್ದೇಶಕರು, ಸದಸ್ಯರು ಭಾಗವಹಿಸಿದ್ದರು.
THE KASARAGOD AGRICULTURISTS
CO-OPERATIVE MARKETING SOCIETY LTD.
ANNUAL GENERAL BODY MEETING
ಸದಸ್ಯರಿಗೆ ಉತ್ತಮ ಸೇವೆ ನೀಡುವ ನಿಟ್ಟಿನಲ್ಲಿ ಸಂಘ ಕಾರ್ಯನಿರ್ವಹಿಸುತ್ತಿದೆ. ಕೃಷಿಕರ ಉತ್ಪನ್ನಗಳಿಗೆ ಉತ್ತಮ ಬೆಲೆ ಒದಗಿಸಲು ಪ್ರಯತ್ನಿಸಲಾಗುವುದು. ಅಡಿಕೆ, ತೆಂಗು ಮತ್ತು ಕಾಳುಮೆಣಸು ಖರೀದಿ ವ್ಯವಸ್ಥೆಯನ್ನು ಇನ್ನಷ್ಟು ಬಲಪಡಿಸಲಾಗುವುದು ಎಂದು ಅಧ್ಯಕ್ಷರು ತಿಳಿಸಿದರು. ಉಪಾಧ್ಯಕ್ಷರು ಸ್ವಾಗತಿಸಿ, ನಿರ್ದೇಶಕರು ವಂದಿಸಿದರು.
